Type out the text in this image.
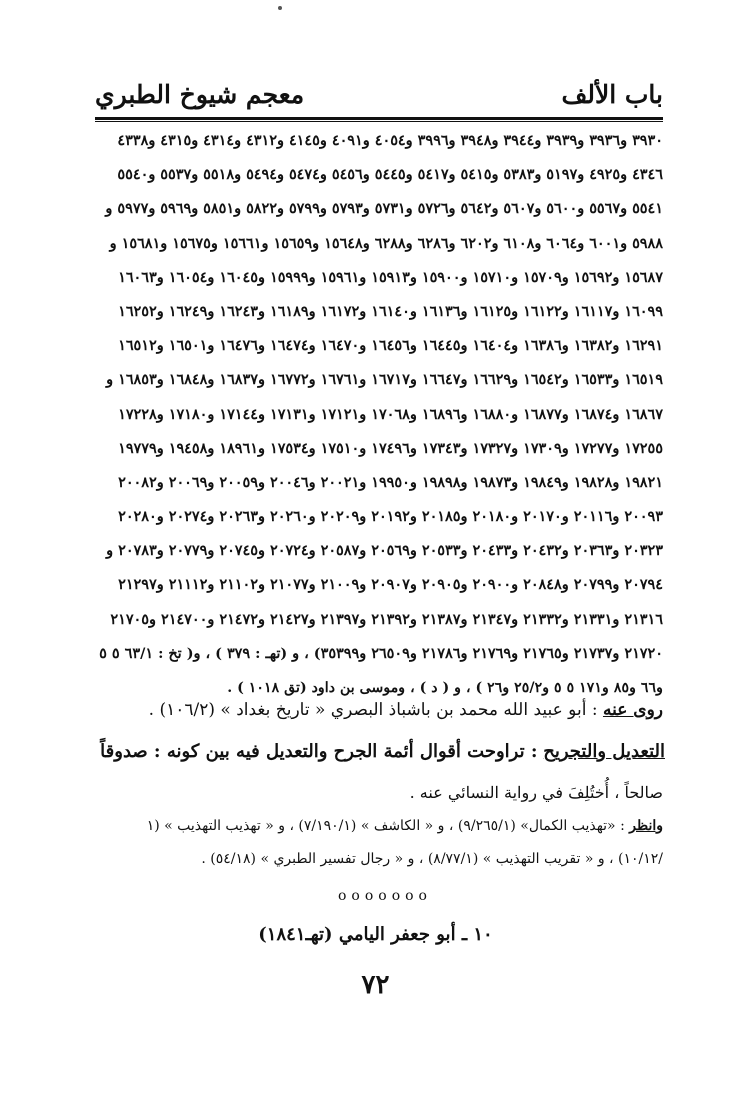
باب الألف
معجم شيوخ الطبري
٣٩٣٠ و٣٩٣٦ و٣٩٣٩ و٣٩٤٤ و٣٩٤٨ و٣٩٩٦ و٤٠٥٤ و٤٠٩١ و٤١٤٥ و٤٣١٢ و٤٣١٤ و٤٣١٥ و٤٣٣٨
٤٣٤٦ و٤٩٢٥ و٥١٩٧ و٥٣٨٣ و٥٤١٥ و٥٤١٧ و٥٤٤٥ و٥٤٥٦ و٥٤٧٤ و٥٤٩٤ و٥٥١٨ و٥٥٣٧ و٥٥٤٠
٥٥٤١ و٥٥٦٧ و٥٦٠٠ و٥٦٠٧ و٥٦٤٢ و٥٧٢٦ و٥٧٣١ و٥٧٩٣ و٥٧٩٩ و٥٨٢٢ و٥٨٥١ و٥٩٦٩ و٥٩٧٧ و
٥٩٨٨ و٦٠٠١ و٦٠٦٤ و٦١٠٨ و٦٢٠٢ و٦٢٨٦ و٦٢٨٨ و١٥٦٤٨ و١٥٦٥٩ و١٥٦٦١ و١٥٦٧٥ و١٥٦٨١ و
١٥٦٨٧ و١٥٦٩٢ و١٥٧٠٩ و١٥٧١٠ و١٥٩٠٠ و١٥٩١٣ و١٥٩٦١ و١٥٩٩٩ و١٦٠٤٥ و١٦٠٥٤ و١٦٠٦٣
١٦٠٩٩ و١٦١١٧ و١٦١٢٢ و١٦١٢٥ و١٦١٣٦ و١٦١٤٠ و١٦١٧٢ و١٦١٨٩ و١٦٢٤٣ و١٦٢٤٩ و١٦٢٥٢
١٦٢٩١ و١٦٣٨٢ و١٦٣٨٦ و١٦٤٠٤ و١٦٤٤٥ و١٦٤٥٦ و١٦٤٧٠ و١٦٤٧٤ و١٦٤٧٦ و١٦٥٠١ و١٦٥١٢
١٦٥١٩ و١٦٥٣٣ و١٦٥٤٢ و١٦٦٢٩ و١٦٦٤٧ و١٦٧١٧ و١٦٧٦١ و١٦٧٧٢ و١٦٨٣٧ و١٦٨٤٨ و١٦٨٥٣ و
١٦٨٦٧ و١٦٨٧٤ و١٦٨٧٧ و١٦٨٨٠ و١٦٨٩٦ و١٧٠٦٨ و١٧١٢١ و١٧١٣١ و١٧١٤٤ و١٧١٨٠ و١٧٢٢٨
١٧٢٥٥ و١٧٢٧٧ و١٧٣٠٩ و١٧٣٢٧ و١٧٣٤٣ و١٧٤٩٦ و١٧٥١٠ و١٧٥٣٤ و١٨٩٦١ و١٩٤٥٨ و١٩٧٧٩
١٩٨٢١ و١٩٨٢٨ و١٩٨٤٩ و١٩٨٧٣ و١٩٨٩٨ و١٩٩٥٠ و٢٠٠٢١ و٢٠٠٤٦ و٢٠٠٥٩ و٢٠٠٦٩ و٢٠٠٨٢
٢٠٠٩٣ و٢٠١١٦ و٢٠١٧٠ و٢٠١٨٠ و٢٠١٨٥ و٢٠١٩٢ و٢٠٢٠٩ و٢٠٢٦٠ و٢٠٢٦٣ و٢٠٢٧٤ و٢٠٢٨٠
٢٠٣٢٣ و٢٠٣٦٣ و٢٠٤٣٢ و٢٠٤٣٣ و٢٠٥٣٣ و٢٠٥٦٩ و٢٠٥٨٧ و٢٠٧٢٤ و٢٠٧٤٥ و٢٠٧٧٩ و٢٠٧٨٣ و
٢٠٧٩٤ و٢٠٧٩٩ و٢٠٨٤٨ و٢٠٩٠٠ و٢٠٩٠٥ و٢٠٩٠٧ و٢١٠٠٩ و٢١٠٧٧ و٢١١٠٢ و٢١١١٢ و٢١٢٩٧
٢١٣١٦ و٢١٣٣١ و٢١٣٣٢ و٢١٣٤٧ و٢١٣٨٧ و٢١٣٩٢ و٢١٣٩٧ و٢١٤٢٧ و٢١٤٧٢ و٢١٤٧٠٠ و٢١٧٠٥
٢١٧٢٠ و٢١٧٣٧ و٢١٧٦٥ و٢١٧٦٩ و٢١٧٨٦ و٢٦٥٠٩ و٣٥٣٩٩) ، و (تهـ : ٣٧٩ ) ، و( تخ : ٦٣/١ ٥ ٥
و٦٦ و٨٥ و١٧١ ٥ ٥ و٢٥/٢ و٢٦ ) ، و ( د ) ، وموسى بن داود (تق ١٠١٨ ) .
روى عنه : أبو عبيد الله محمد بن باشباذ البصري « تاريخ بغداد » (١٠٦/٢) .
التعديل والتجريح : تراوحت أقوال أئمة الجرح والتعديل فيه بين كونه : صدوقاً
صالحاً ، أُختُلِفَ في رواية النسائي عنه .
وانظر : «تهذيب الكمال» (٩/٢٦٥/١) ، و « الكاشف » (٧/١٩٠/١) ، و « تهذيب التهذيب » (١
/١٠/١٢) ، و « تقريب التهذيب » (٨/٧٧/١) ، و « رجال تفسير الطبري » (٥٤/١٨) .
ooooooo
١٠ ـ أبو جعفر اليامي (تهـ١٨٤١)
٧٢
